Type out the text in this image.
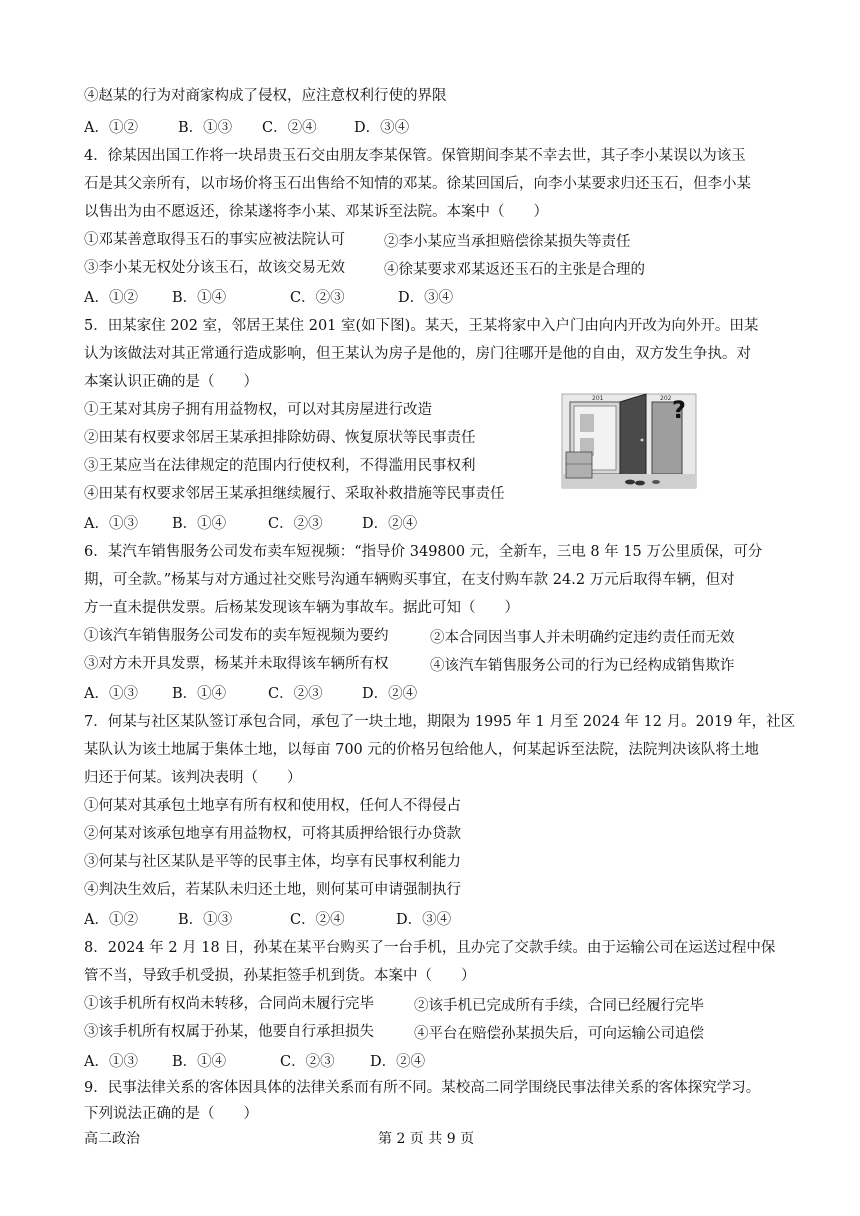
④赵某的行为对商家构成了侵权，应注意权利行使的界限
A．①②	B．①③ C．②④	D．③④
4．徐某因出国工作将一块昂贵玉石交由朋友李某保管。保管期间李某不幸去世，其子李小某误以为该玉
石是其父亲所有，以市场价将玉石出售给不知情的邓某。徐某回国后，向李小某要求归还玉石，但李小某
以售出为由不愿返还，徐某遂将李小某、邓某诉至法院。本案中（　　）
①邓某善意取得玉石的事实应被法院认可	②李小某应当承担赔偿徐某损失等责任
③李小某无权处分该玉石，故该交易无效	④徐某要求邓某返还玉石的主张是合理的
A．①② B．①④	C．②③	D．③④
5．田某家住 202 室，邻居王某住 201 室(如下图)。某天，王某将家中入户门由向内开改为向外开。田某
认为该做法对其正常通行造成影响，但王某认为房子是他的，房门往哪开是他的自由，双方发生争执。对
本案认识正确的是（　　）
①王某对其房子拥有用益物权，可以对其房屋进行改造
②田某有权要求邻居王某承担排除妨碍、恢复原状等民事责任
③王某应当在法律规定的范围内行使权利，不得滥用民事权利
④田某有权要求邻居王某承担继续履行、采取补救措施等民事责任
A．①③ B．①④	C．②③	D．②④
201	202 ?
6．某汽车销售服务公司发布卖车短视频：“指导价 349800 元，全新车，三电 8 年 15 万公里质保，可分
期，可全款。”杨某与对方通过社交账号沟通车辆购买事宜，在支付购车款 24.2 万元后取得车辆，但对
方一直未提供发票。后杨某发现该车辆为事故车。据此可知（　　）
①该汽车销售服务公司发布的卖车短视频为要约	②本合同因当事人并未明确约定违约责任而无效
③对方未开具发票，杨某并未取得该车辆所有权	④该汽车销售服务公司的行为已经构成销售欺诈
A．①③ B．①④	C．②③	D．②④
7．何某与社区某队签订承包合同，承包了一块土地，期限为 1995 年 1 月至 2024 年 12 月。2019 年，社区
某队认为该土地属于集体土地，以每亩 700 元的价格另包给他人，何某起诉至法院，法院判决该队将土地
归还于何某。该判决表明（　　）
①何某对其承包土地享有所有权和使用权，任何人不得侵占
②何某对该承包地享有用益物权，可将其质押给银行办贷款
③何某与社区某队是平等的民事主体，均享有民事权利能力
④判决生效后，若某队未归还土地，则何某可申请强制执行
A．①②	B．①③	C．②④	D．③④
8．2024 年 2 月 18 日，孙某在某平台购买了一台手机，且办完了交款手续。由于运输公司在运送过程中保
管不当，导致手机受损，孙某拒签手机到货。本案中（　　）
①该手机所有权尚未转移，合同尚未履行完毕	②该手机已完成所有手续，合同已经履行完毕
③该手机所有权属于孙某，他要自行承担损失	④平台在赔偿孙某损失后，可向运输公司追偿
A．①③ B．①④	C．②③ D．②④
9．民事法律关系的客体因具体的法律关系而有所不同。某校高二同学围绕民事法律关系的客体探究学习。
下列说法正确的是（　　）
高二政治	第 2 页 共 9 页
